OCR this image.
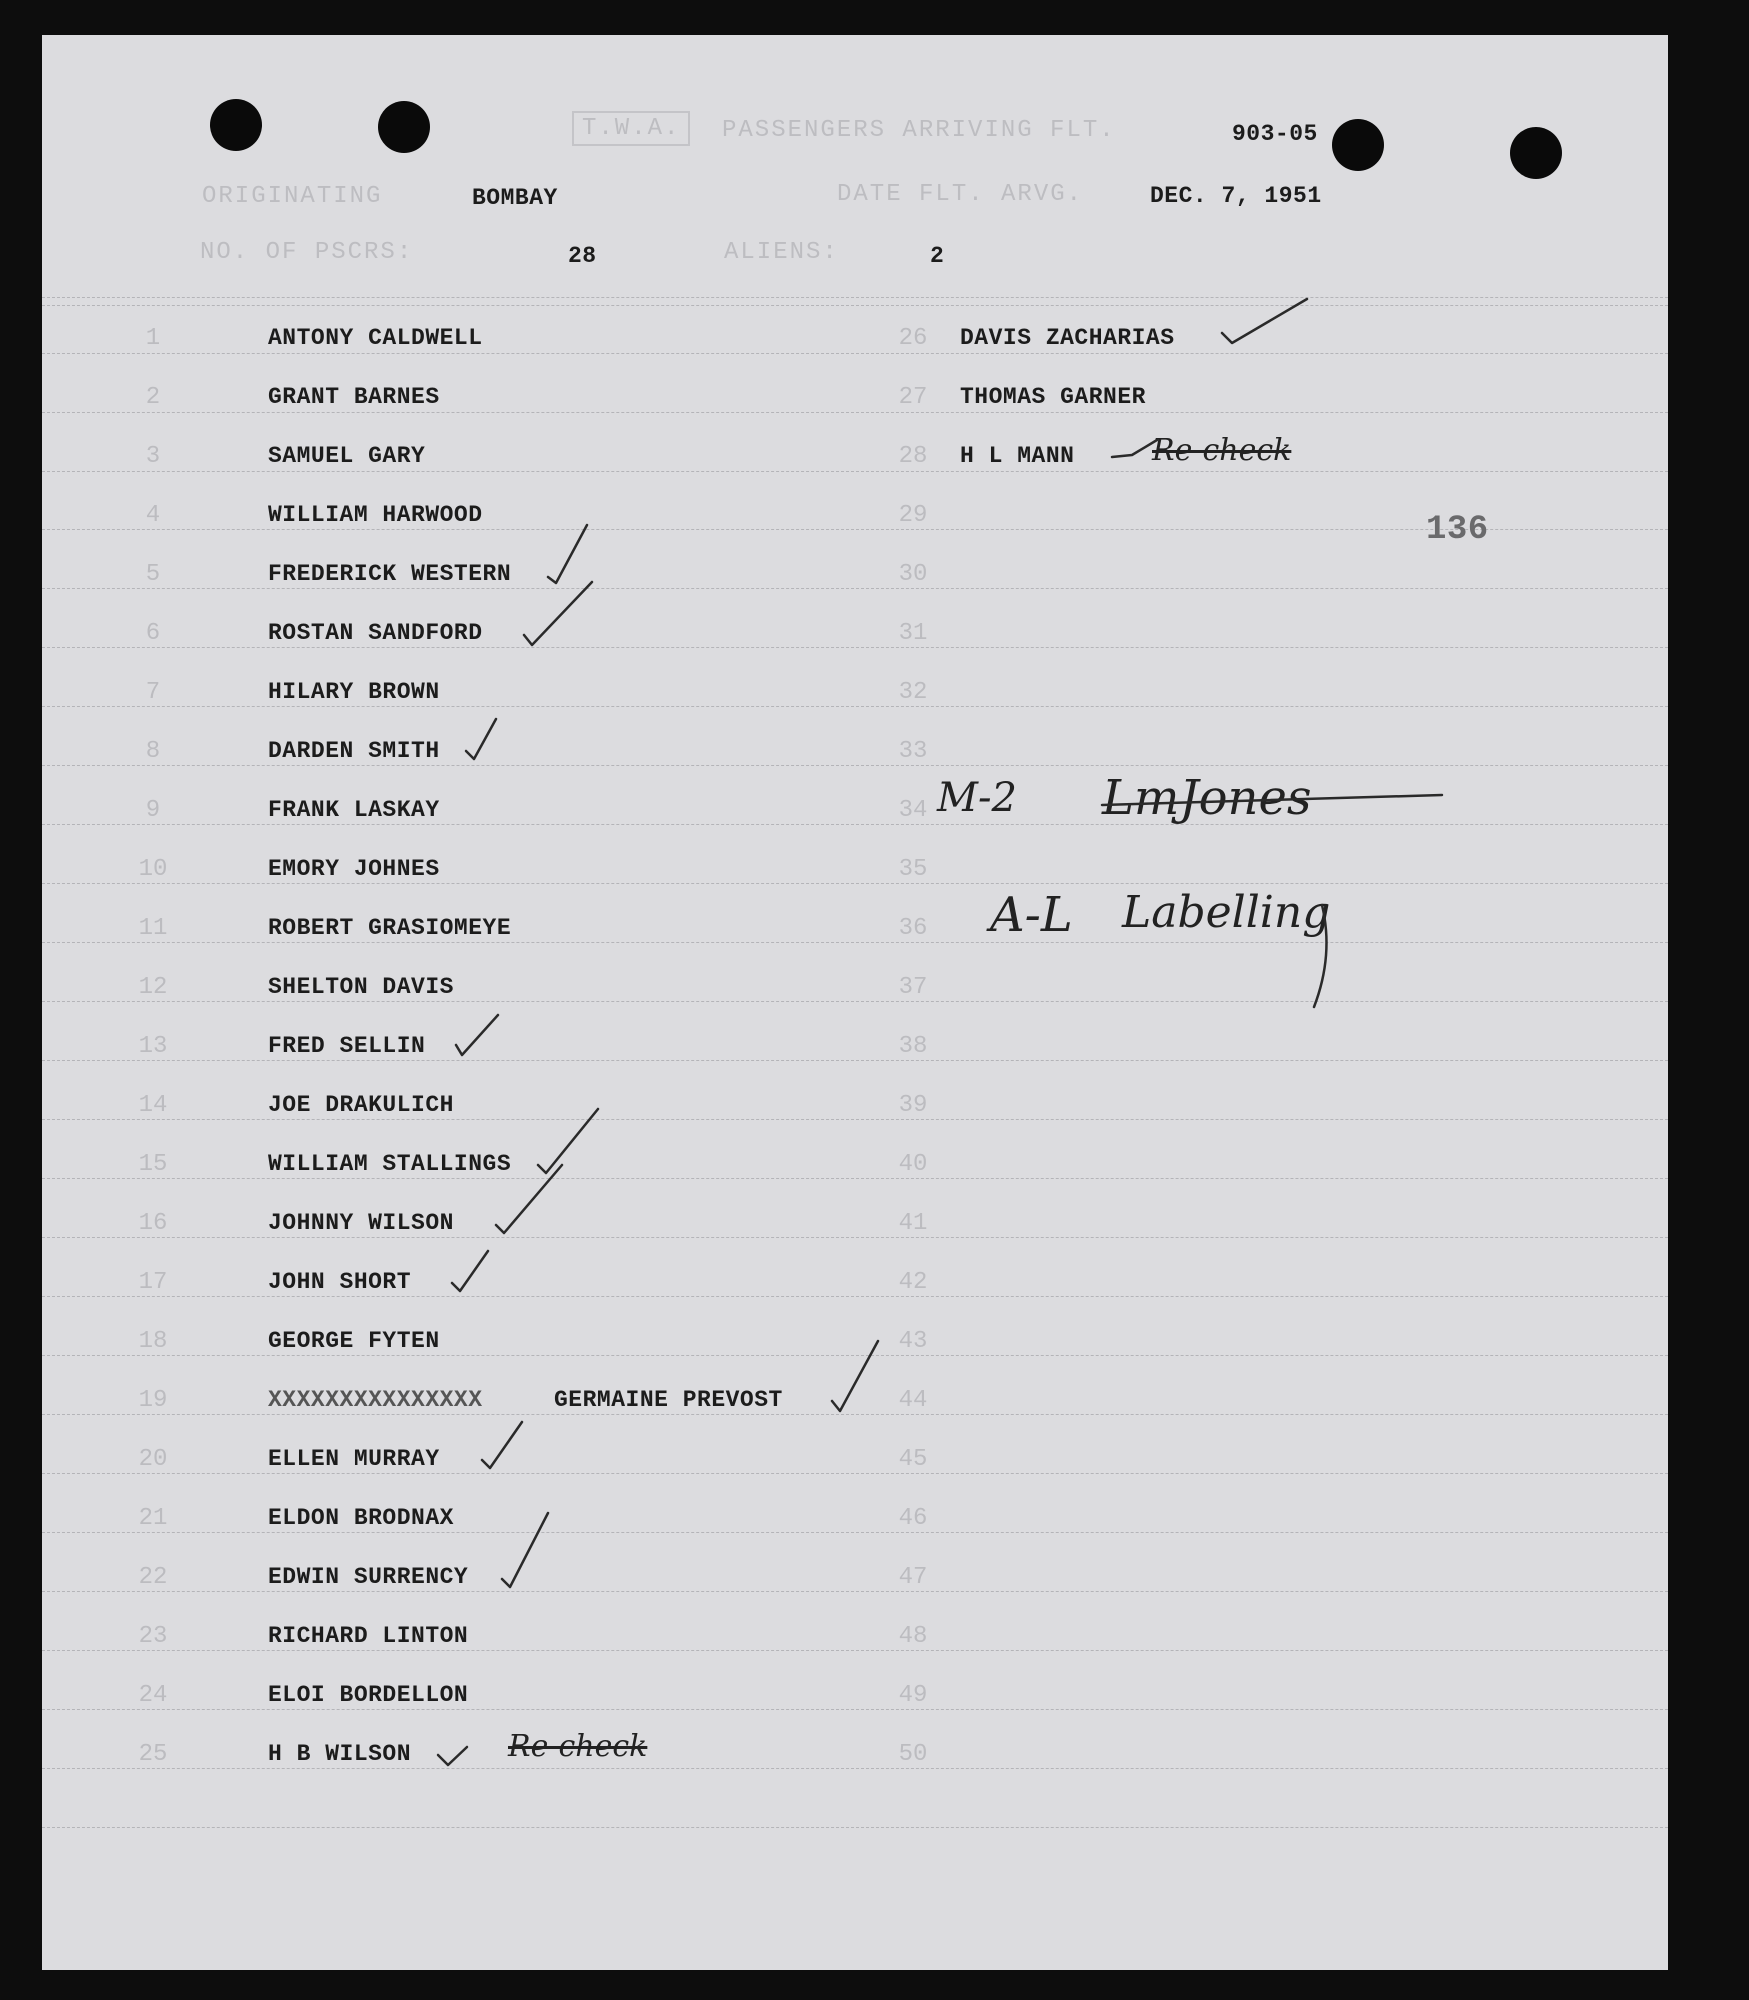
T.W.A.	PASSENGERS ARRIVING FLT.	903-05
ORIGINATING	BOMBAY	DATE FLT. ARVG.	DEC. 7, 1951
NO. OF PSCRS:	28	ALIENS:	2
1	ANTONY CALDWELL
2	GRANT BARNES
3	SAMUEL GARY
4	WILLIAM HARWOOD
5	FREDERICK WESTERN
6	ROSTAN SANDFORD
7	HILARY BROWN
8	DARDEN SMITH
9	FRANK LASKAY
10	EMORY JOHNES
11	ROBERT GRASIOMEYE
12	SHELTON DAVIS
13	FRED SELLIN
14	JOE DRAKULICH
15	WILLIAM STALLINGS
16	JOHNNY WILSON
17	JOHN SHORT
18	GEORGE FYTEN
19	XXXXXXXXXXXXXXX	GERMAINE PREVOST
20	ELLEN MURRAY
21	ELDON BRODNAX
22	EDWIN SURRENCY
23	RICHARD LINTON
24	ELOI BORDELLON
25	H B WILSON
26	DAVIS ZACHARIAS
27	THOMAS GARNER
28	H L MANN
29
30
31
32
33
34
35
36
37
38
39
40
41
42
43
44
45
46
47
48
49
50
136
Re-check
Re-check
M-2 LmJones
A-L Labelling
